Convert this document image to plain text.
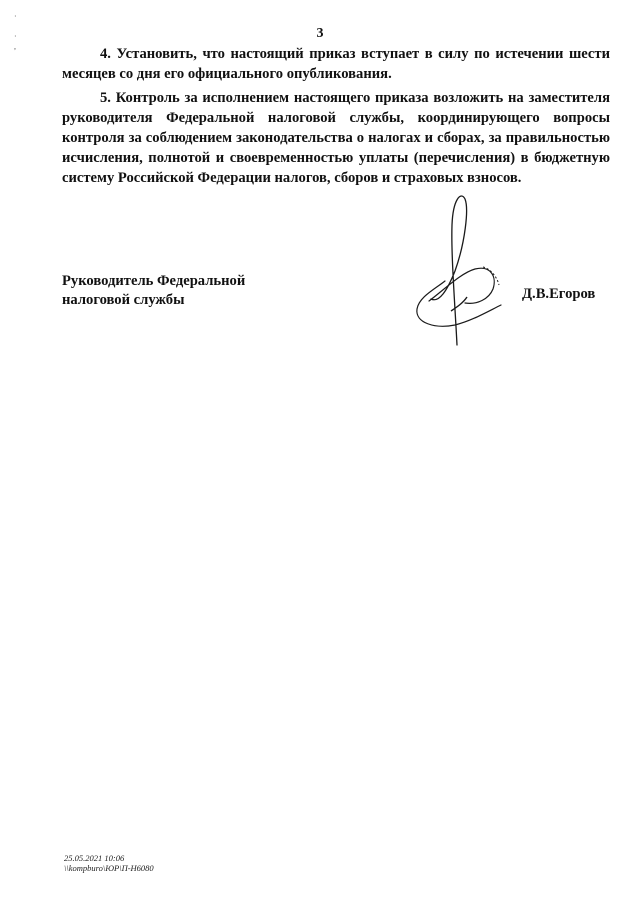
·

·
,
3

4. Установить, что настоящий приказ вступает в силу по истечении шести месяцев со дня его официального опубликования.

5. Контроль за исполнением настоящего приказа возложить на заместителя руководителя Федеральной налоговой службы, координирующего вопросы контроля за соблюдением законодательства о налогах и сборах, за правильностью исчисления, полнотой и своевременностью уплаты (перечисления) в бюджетную систему Российской Федерации налогов, сборов и страховых взносов.

Руководитель Федеральной
налоговой службы	Д.В.Егоров
25.05.2021 10:06
\\kompburo\ЮР\П-Н6080
